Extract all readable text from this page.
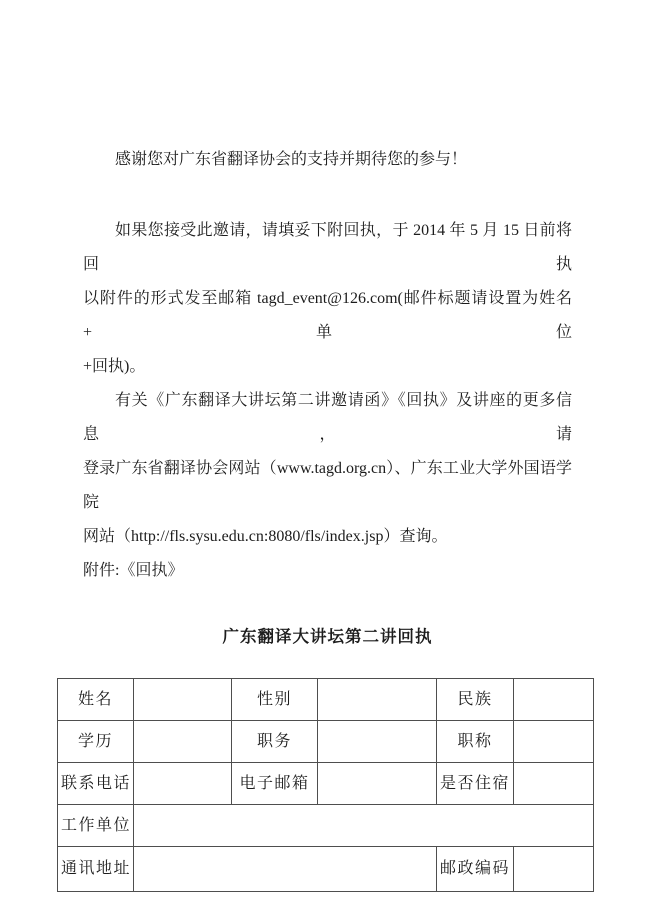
感谢您对广东省翻译协会的支持并期待您的参与！
如果您接受此邀请，请填妥下附回执，于 2014 年 5 月 15 日前将回执
以附件的形式发至邮箱 tagd_event@126.com(邮件标题请设置为姓名+单位
+回执)。
有关《广东翻译大讲坛第二讲邀请函》《回执》及讲座的更多信息，请
登录广东省翻译协会网站（www.tagd.org.cn）、广东工业大学外国语学院
网站（http://fls.sysu.edu.cn:8080/fls/index.jsp）查询。
附件:《回执》
广东翻译大讲坛第二讲回执
姓名		性别		民族	
学历		职务		职称	
联系电话		电子邮箱		是否住宿	
工作单位					
通讯地址				邮政编码	
